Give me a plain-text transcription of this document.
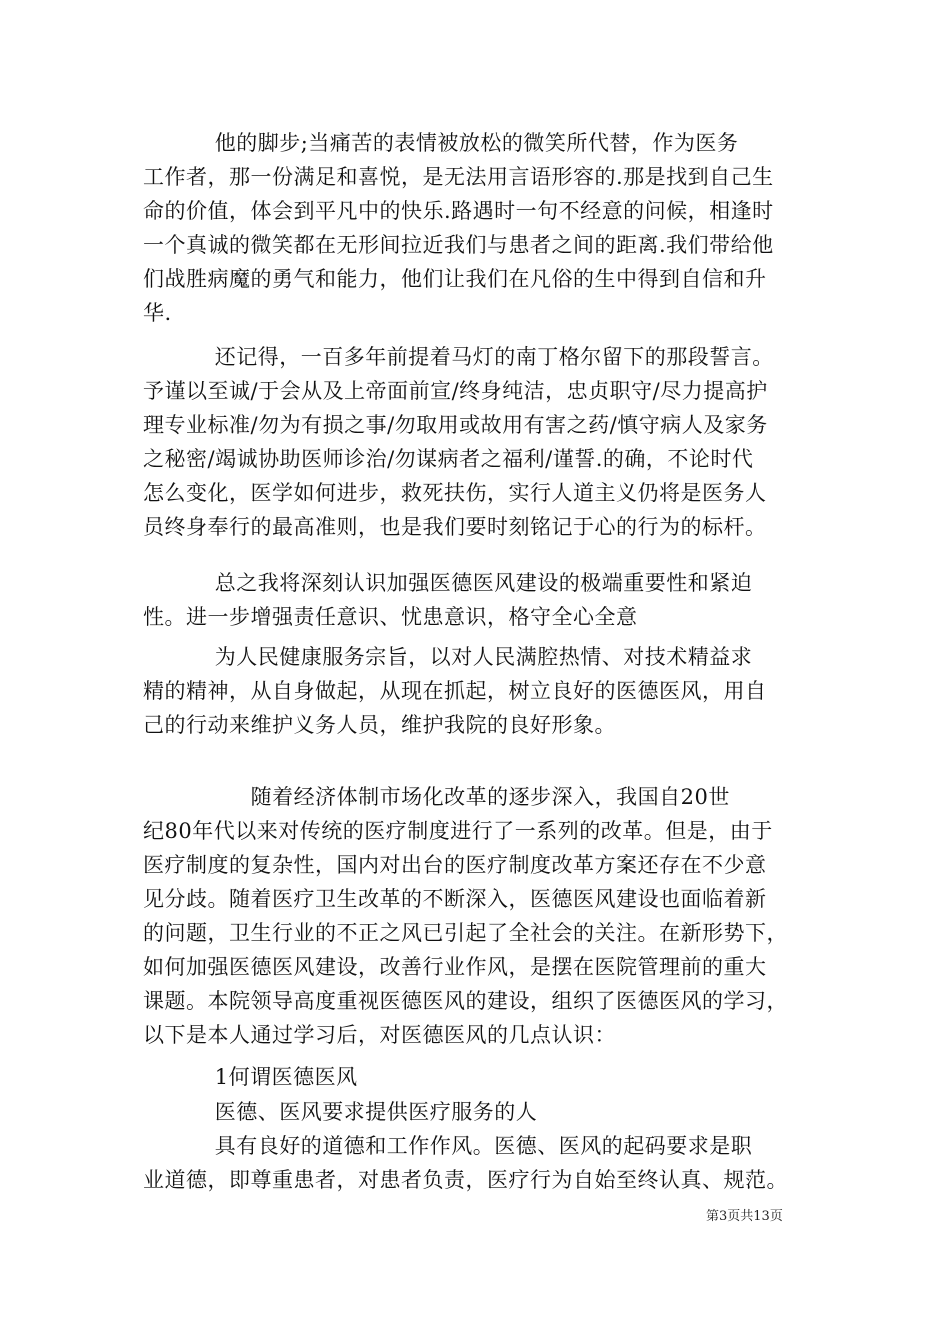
他的脚步;当痛苦的表情被放松的微笑所代替，作为医务
工作者，那一份满足和喜悦，是无法用言语形容的.那是找到自己生
命的价值，体会到平凡中的快乐.路遇时一句不经意的问候，相逢时
一个真诚的微笑都在无形间拉近我们与患者之间的距离.我们带给他
们战胜病魔的勇气和能力，他们让我们在凡俗的生中得到自信和升
华.
还记得，一百多年前提着马灯的南丁格尔留下的那段誓言。
予谨以至诚/于会从及上帝面前宣/终身纯洁，忠贞职守/尽力提高护
理专业标准/勿为有损之事/勿取用或故用有害之药/慎守病人及家务
之秘密/竭诚协助医师诊治/勿谋病者之福利/谨誓.的确，不论时代
怎么变化，医学如何进步，救死扶伤，实行人道主义仍将是医务人
员终身奉行的最高准则，也是我们要时刻铭记于心的行为的标杆。
总之我将深刻认识加强医德医风建设的极端重要性和紧迫
性。进一步增强责任意识、忧患意识，格守全心全意
为人民健康服务宗旨，以对人民满腔热情、对技术精益求
精的精神，从自身做起，从现在抓起，树立良好的医德医风，用自
己的行动来维护义务人员，维护我院的良好形象。
随着经济体制市场化改革的逐步深入，我国自20世
纪80年代以来对传统的医疗制度进行了一系列的改革。但是，由于
医疗制度的复杂性，国内对出台的医疗制度改革方案还存在不少意
见分歧。随着医疗卫生改革的不断深入，医德医风建设也面临着新
的问题，卫生行业的不正之风已引起了全社会的关注。在新形势下，
如何加强医德医风建设，改善行业作风，是摆在医院管理前的重大
课题。本院领导高度重视医德医风的建设，组织了医德医风的学习，
以下是本人通过学习后，对医德医风的几点认识：
1何谓医德医风
医德、医风要求提供医疗服务的人
具有良好的道德和工作作风。医德、医风的起码要求是职
业道德，即尊重患者，对患者负责，医疗行为自始至终认真、规范。
第3页共13页
